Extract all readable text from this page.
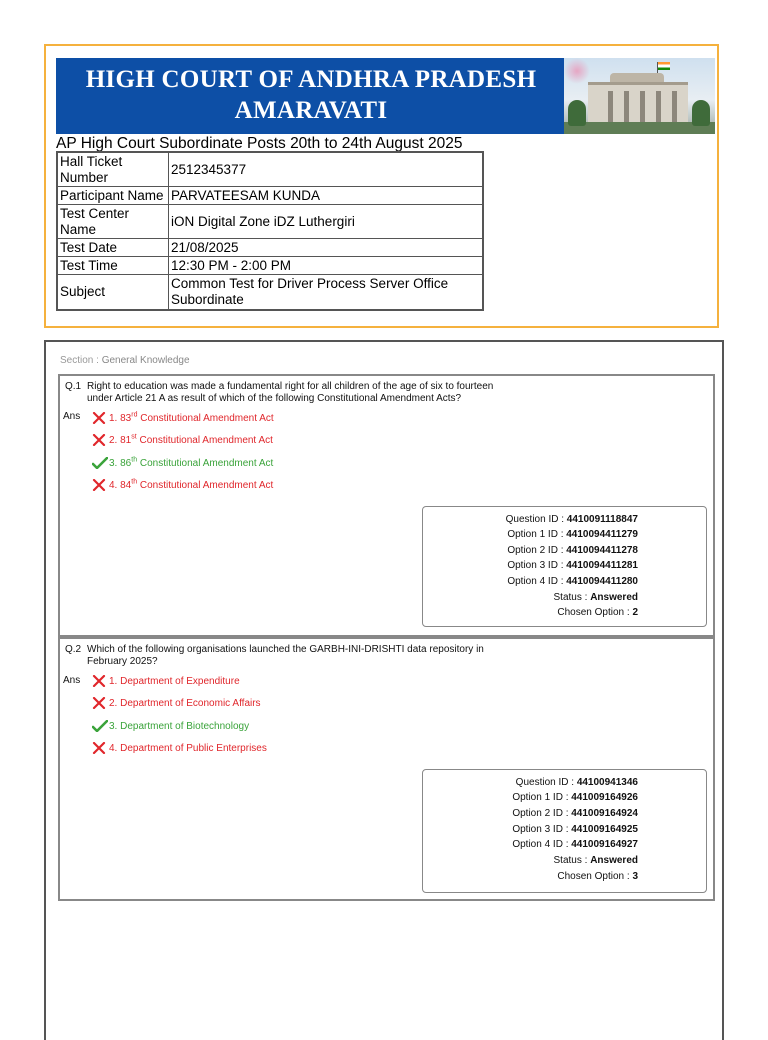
HIGH COURT OF ANDHRA PRADESH
AMARAVATI
AP High Court Subordinate Posts 20th to 24th August 2025
Hall Ticket Number	2512345377
Participant Name	PARVATEESAM KUNDA
Test Center Name	iON Digital Zone iDZ Luthergiri
Test Date	21/08/2025
Test Time	12:30 PM - 2:00 PM
Subject	Common Test for Driver Process Server Office Subordinate
Section : General Knowledge
Q.1 Right to education was made a fundamental right for all children of the age of six to fourteen under Article 21 A as result of which of the following Constitutional Amendment Acts?
Ans	1. 83rd Constitutional Amendment Act
2. 81st Constitutional Amendment Act
3. 86th Constitutional Amendment Act
4. 84th Constitutional Amendment Act
Question ID : 4410091118847
Option 1 ID : 4410094411279
Option 2 ID : 4410094411278
Option 3 ID : 4410094411281
Option 4 ID : 4410094411280
Status : Answered
Chosen Option : 2
Q.2 Which of the following organisations launched the GARBH-INI-DRISHTI data repository in February 2025?
Ans	1. Department of Expenditure
2. Department of Economic Affairs
3. Department of Biotechnology
4. Department of Public Enterprises
Question ID : 44100941346
Option 1 ID : 441009164926
Option 2 ID : 441009164924
Option 3 ID : 441009164925
Option 4 ID : 441009164927
Status : Answered
Chosen Option : 3
